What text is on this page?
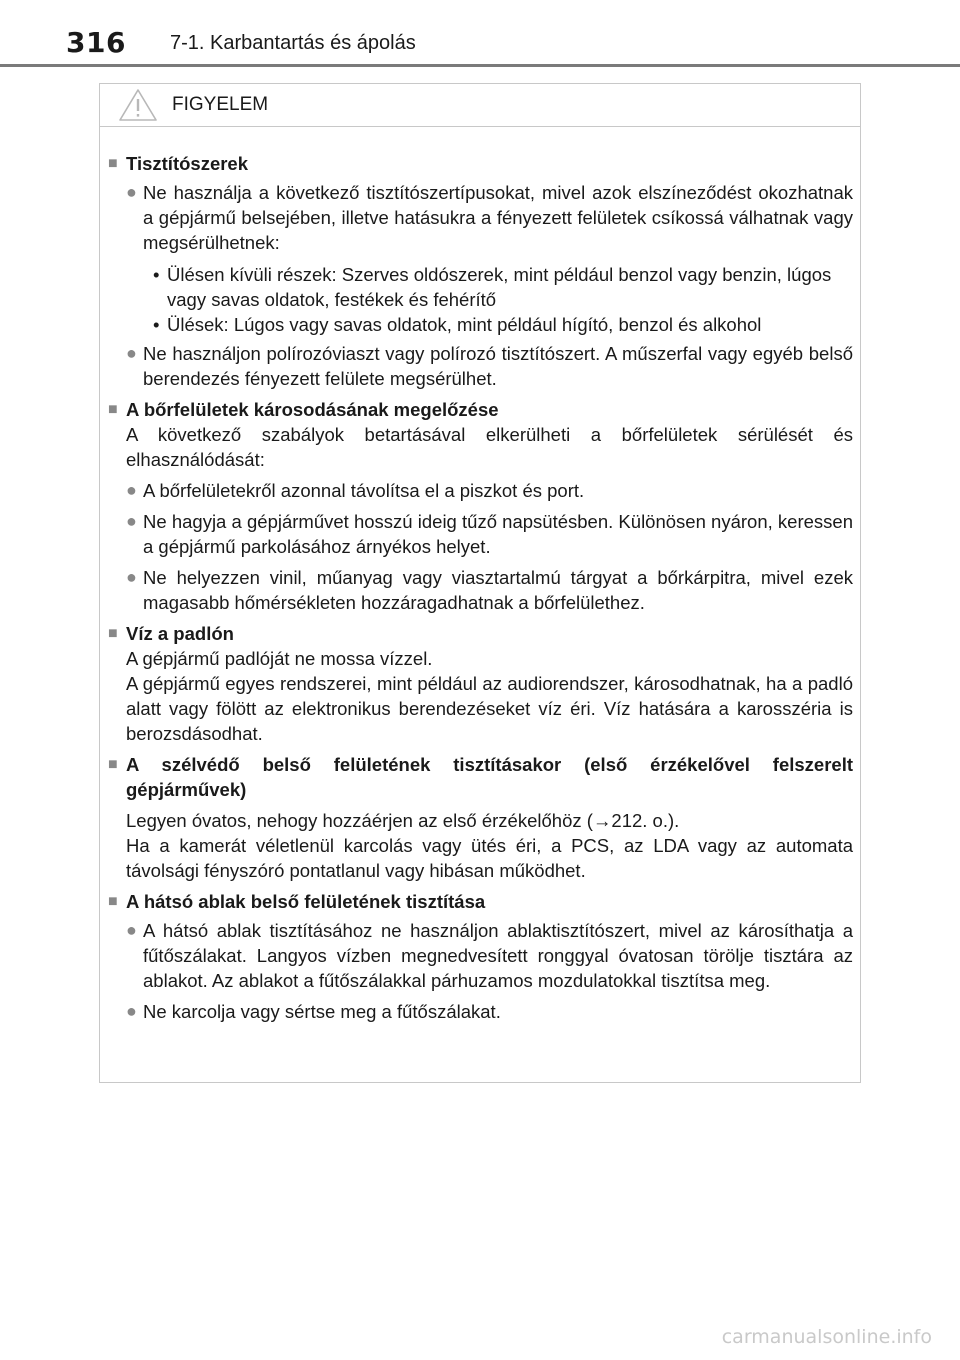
316 7-1. Karbantartás és ápolás
FIGYELEM
■ Tisztítószerek
● Ne használja a következő tisztítószertípusokat, mivel azok elszíneződést okozhatnak a gépjármű belsejében, illetve hatásukra a fényezett felületek csíkossá válhatnak vagy megsérülhetnek:
• Ülésen kívüli részek: Szerves oldószerek, mint például benzol vagy benzin, lúgos vagy savas oldatok, festékek és fehérítő
• Ülések: Lúgos vagy savas oldatok, mint például hígító, benzol és alkohol
● Ne használjon polírozóviaszt vagy polírozó tisztítószert. A műszerfal vagy egyéb belső berendezés fényezett felülete megsérülhet.
■ A bőrfelületek károsodásának megelőzése
A következő szabályok betartásával elkerülheti a bőrfelületek sérülését és elhasználódását:
● A bőrfelületekről azonnal távolítsa el a piszkot és port.
● Ne hagyja a gépjárművet hosszú ideig tűző napsütésben. Különösen nyáron, keressen a gépjármű parkolásához árnyékos helyet.
● Ne helyezzen vinil, műanyag vagy viasztartalmú tárgyat a bőrkárpitra, mivel ezek magasabb hőmérsékleten hozzáragadhatnak a bőrfelülethez.
■ Víz a padlón
A gépjármű padlóját ne mossa vízzel.
A gépjármű egyes rendszerei, mint például az audiorendszer, károsodhatnak, ha a padló alatt vagy fölött az elektronikus berendezéseket víz éri. Víz hatására a karosszéria is berozsdásodhat.
■ A szélvédő belső felületének tisztításakor (első érzékelővel felszerelt gépjárművek)
Legyen óvatos, nehogy hozzáérjen az első érzékelőhöz (→212. o.).
Ha a kamerát véletlenül karcolás vagy ütés éri, a PCS, az LDA vagy az automata távolsági fényszóró pontatlanul vagy hibásan működhet.
■ A hátsó ablak belső felületének tisztítása
● A hátsó ablak tisztításához ne használjon ablaktisztítószert, mivel az károsíthatja a fűtőszálakat. Langyos vízben megnedvesített ronggyal óvatosan törölje tisztára az ablakot. Az ablakot a fűtőszálakkal párhuzamos mozdulatokkal tisztítsa meg.
● Ne karcolja vagy sértse meg a fűtőszálakat.
carmanualsonline.info
